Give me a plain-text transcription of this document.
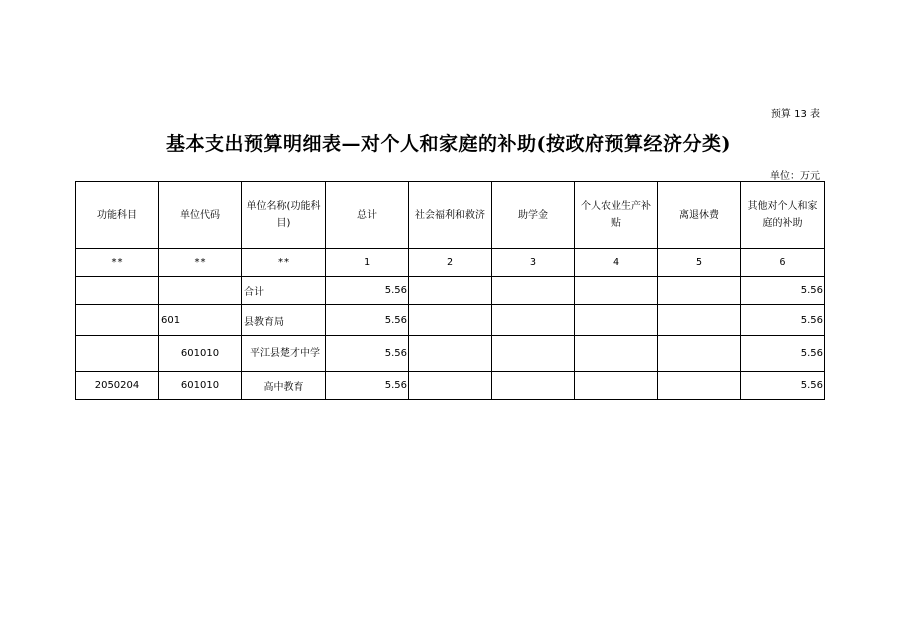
预算 13 表
基本支出预算明细表—对个人和家庭的补助(按政府预算经济分类)
单位：万元
功能科目	单位代码	单位名称(功能科目)	总计	社会福利和救济	助学金	个人农业生产补贴	离退休费	其他对个人和家庭的补助
**	**	**	1	2	3	4	5	6
		合计	5.56					5.56
	601	县教育局	5.56					5.56
	601010	平江县楚才中学	5.56					5.56
2050204	601010	高中教育	5.56					5.56
